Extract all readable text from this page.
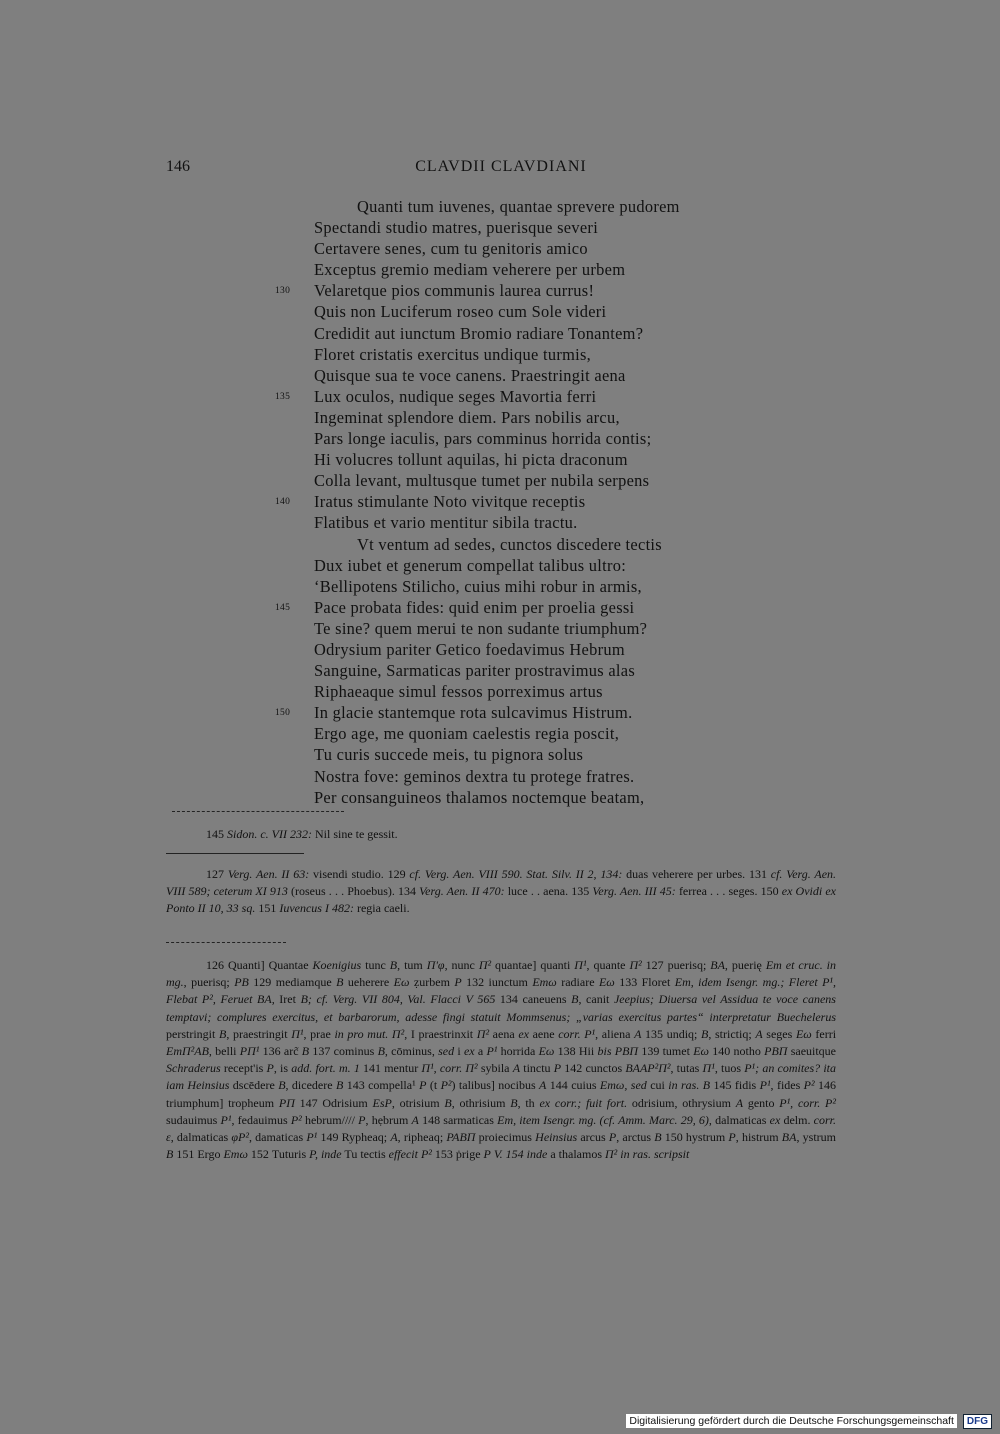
146	CLAVDII CLAVDIANI
Quanti tum iuvenes, quantae sprevere pudorem
Spectandi studio matres, puerisque severi
Certavere senes, cum tu genitoris amico
Exceptus gremio mediam veherere per urbem
130 Velaretque pios communis laurea currus!
Quis non Luciferum roseo cum Sole videri
Credidit aut iunctum Bromio radiare Tonantem?
Floret cristatis exercitus undique turmis,
Quisque sua te voce canens. Praestringit aena
135 Lux oculos, nudique seges Mavortia ferri
Ingeminat splendore diem. Pars nobilis arcu,
Pars longe iaculis, pars comminus horrida contis;
Hi volucres tollunt aquilas, hi picta draconum
Colla levant, multusque tumet per nubila serpens
140 Iratus stimulante Noto vivitque receptis
Flatibus et vario mentitur sibila tractu.
Vt ventum ad sedes, cunctos discedere tectis
Dux iubet et generum compellat talibus ultro:
‘Bellipotens Stilicho, cuius mihi robur in armis,
145 Pace probata fides: quid enim per proelia gessi
Te sine? quem merui te non sudante triumphum?
Odrysium pariter Getico foedavimus Hebrum
Sanguine, Sarmaticas pariter prostravimus alas
Riphaeaque simul fessos porreximus artus
150 In glacie stantemque rota sulcavimus Histrum.
Ergo age, me quoniam caelestis regia poscit,
Tu curis succede meis, tu pignora solus
Nostra fove: geminos dextra tu protege fratres.
Per consanguineos thalamos noctemque beatam,

145 Sidon. c. VII 232: Nil sine te gessit.

127 Verg. Aen. II 63: visendi studio. 129 cf. Verg. Aen. VIII 590. Stat. Silv. II 2, 134: duas veherere per urbes. 131 cf. Verg. Aen. VIII 589; ceterum XI 913 (roseus . . . Phoebus). 134 Verg. Aen. II 470: luce . . aena. 135 Verg. Aen. III 45: ferrea . . . seges. 150 ex Ovidi ex Ponto II 10, 33 sq. 151 Iuvencus I 482: regia caeli.

126 Quanti] Quantae Koenigius tunc B, tum Π'φ, nunc Π² quantae] quanti Π¹, quante Π² 127 puerisq; BA, puerię Em et cruc. in mg., puerisq; PB 129 mediamque B ueherere Eω ẓurbem P 132 iunctum Emω radiare Eω 133 Floret Em, idem Isengr. mg.; Fleret P¹, Flebat P², Feruet BA, Iret B; cf. Verg. VII 804, Val. Flacci V 565 134 caneuens B, canit Jeepius; Diuersa vel Assidua te voce canens temptavi; complures exercitus, et barbarorum, adesse fingi statuit Mommsenus; „varias exercitus partes“ interpretatur Buechelerus perstringit B, praestringit Π¹, prae in pro mut. Π², I praestrinxit Π² aena ex aene corr. P¹, aliena A 135 undiq; B, strictiq; A seges Eω ferri EmΠ²AB, belli PΠ¹ 136 arc̃ B 137 cominus B, cōminus, sed i ex a P¹ horrida Eω 138 Hii bis PBΠ 139 tumet Eω 140 notho PBΠ saeuitque Schraderus recept'is P, is add. fort. m. 1 141 mentur Π¹, corr. Π² sybila A tinctu P 142 cunctos BAAP²Π², tutas Π¹, tuos P¹; an comites? ita iam Heinsius dscēdere B, dicedere B 143 compella¹ P (t P²) talibus] nocibus A 144 cuius Emω, sed cui in ras. B 145 fidis P¹, fides P² 146 triumphum] tropheum PΠ 147 Odrisium EsP, otrisium B, othrisium B, th ex corr.; fuit fort. odrisium, othrysium A gento P¹, corr. P² sudauimus P¹, fedauimus P² hebrum//// P, hẹbrum A 148 sarmaticas Em, item Isengr. mg. (cf. Amm. Marc. 29, 6), dalmaticas ex delm. corr. ε, dalmaticas φP², damaticas P¹ 149 Rypheaq; A, ripheaq; PABΠ proiecimus Heinsius arcus P, arctus B 150 hystrum P, histrum BA, ystrum B 151 Ergo Emω 152 Tuturis P, inde Tu tectis effecit P² 153 ṗrige P V. 154 inde a thalamos Π² in ras. scripsit

Digitalisierung gefördert durch die Deutsche Forschungsgemeinschaft	DFG
